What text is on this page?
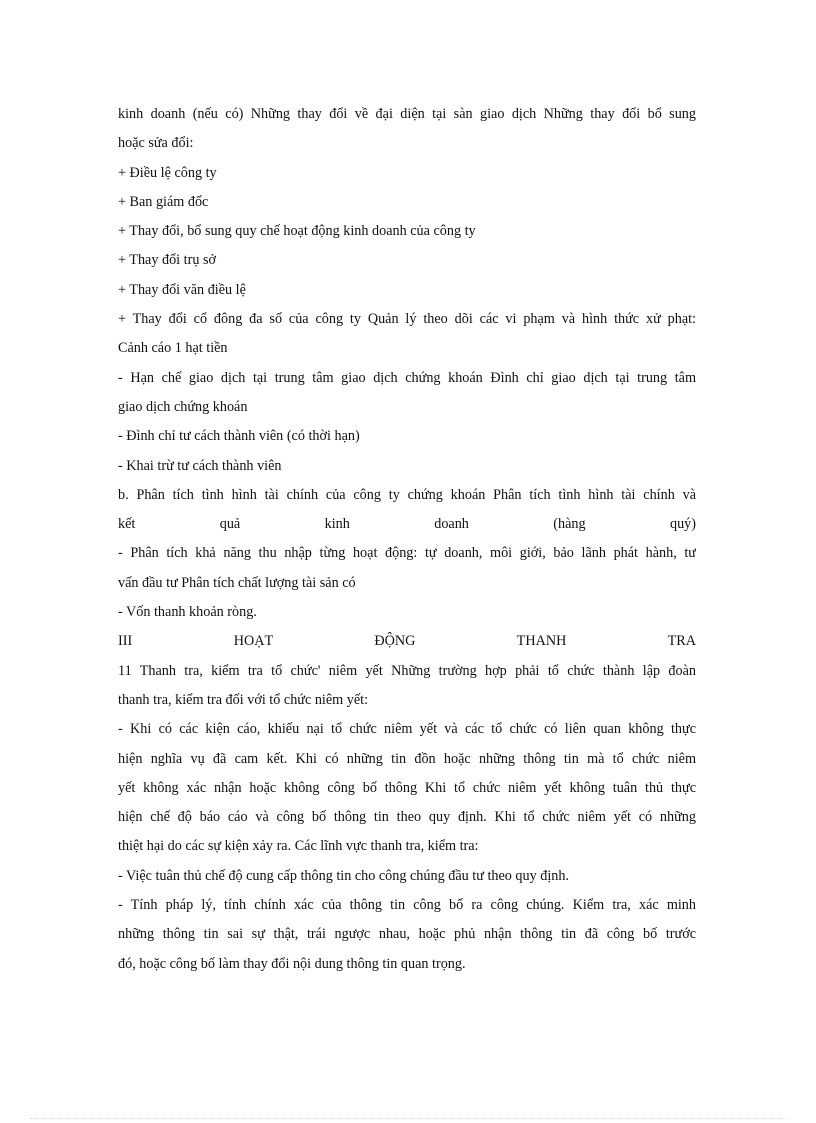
kinh doanh (nếu có) Những thay đổi về đại diện tại sàn giao dịch Những thay đổi bổ sung
hoặc sửa đổi:
+ Điều lệ công ty
+ Ban giám đốc
+ Thay đổi, bổ sung quy chế hoạt động kinh doanh của công ty
+ Thay đổi trụ sở
+ Thay đổi văn điều lệ
+ Thay đổi cổ đông đa số của công ty Quản lý theo dõi các vi phạm và hình thức xử phạt:
Cảnh cáo 1 hạt tiền
- Hạn chế giao dịch tại trung tâm giao dịch chứng khoán Đình chỉ giao dịch tại trung tâm
giao dịch chứng khoán
- Đình chỉ tư cách thành viên (có thời hạn)
- Khai trừ tư cách thành viên
b. Phân tích tình hình tài chính của công ty chứng khoán Phân tích tình hình tài chính và
kết quả kinh doanh (hàng quý)
- Phân tích khả năng thu nhập từng hoạt động: tự doanh, môi giới, bảo lãnh phát hành, tư
vấn đầu tư Phân tích chất lượng tài sản có
- Vốn thanh khoản ròng.
III HOẠT ĐỘNG THANH TRA
11 Thanh tra, kiểm tra tổ chức' niêm yết Những trường hợp phải tổ chức thành lập đoàn
thanh tra, kiểm tra đối với tổ chức niêm yết:
- Khi có các kiện cáo, khiếu nại tổ chức niêm yết và các tổ chức có liên quan không thực
hiện nghĩa vụ đã cam kết. Khi có những tin đồn hoặc những thông tin mà tổ chức niêm
yết không xác nhận hoặc không công bố thông Khi tổ chức niêm yết không tuân thủ thực
hiện chế độ báo cáo và công bố thông tin theo quy định. Khi tổ chức niêm yết có những
thiệt hại do các sự kiện xảy ra. Các lĩnh vực thanh tra, kiểm tra:
- Việc tuân thủ chế độ cung cấp thông tin cho công chúng đầu tư theo quy định.
- Tính pháp lý, tính chính xác của thông tin công bố ra công chúng. Kiểm tra, xác minh
những thông tin sai sự thật, trái ngược nhau, hoặc phủ nhận thông tin đã công bố trước
đó, hoặc công bố làm thay đổi nội dung thông tin quan trọng.
